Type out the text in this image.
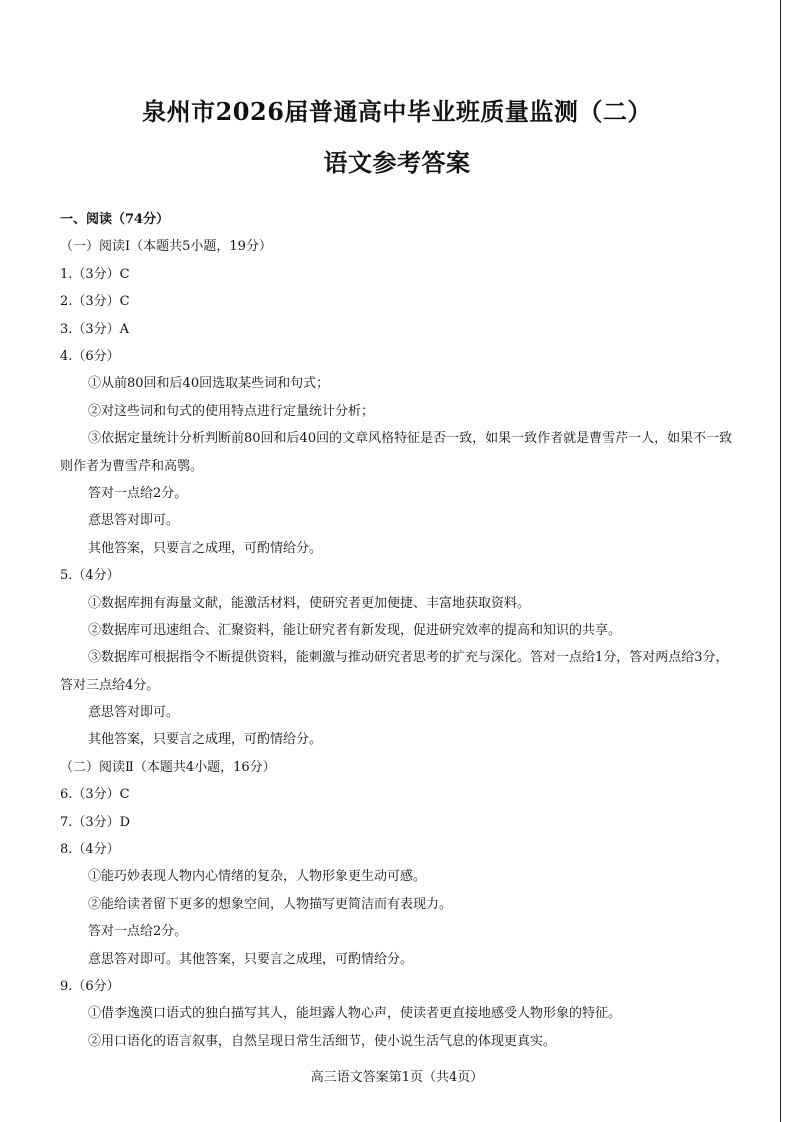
泉州市2026届普通高中毕业班质量监测（二）
语文参考答案
一、阅读（74分）
（一）阅读Ⅰ（本题共5小题，19分）
1.（3分）C
2.（3分）C
3.（3分）A
4.（6分）
①从前80回和后40回选取某些词和句式；
②对这些词和句式的使用特点进行定量统计分析；
③依据定量统计分析判断前80回和后40回的文章风格特征是否一致，如果一致作者就是曹雪芹一人，如果不一致则作者为曹雪芹和高鹗。
答对一点给2分。
意思答对即可。
其他答案，只要言之成理，可酌情给分。
5.（4分）
①数据库拥有海量文献，能激活材料，使研究者更加便捷、丰富地获取资料。
②数据库可迅速组合、汇聚资料，能让研究者有新发现，促进研究效率的提高和知识的共享。
③数据库可根据指令不断提供资料，能刺激与推动研究者思考的扩充与深化。答对一点给1分，答对两点给3分，答对三点给4分。
意思答对即可。
其他答案，只要言之成理，可酌情给分。
（二）阅读Ⅱ（本题共4小题，16分）
6.（3分）C
7.（3分）D
8.（4分）
①能巧妙表现人物内心情绪的复杂，人物形象更生动可感。
②能给读者留下更多的想象空间，人物描写更简洁而有表现力。
答对一点给2分。
意思答对即可。其他答案，只要言之成理，可酌情给分。
9.（6分）
①借李逸漠口语式的独白描写其人，能坦露人物心声，使读者更直接地感受人物形象的特征。
②用口语化的语言叙事，自然呈现日常生活细节，使小说生活气息的体现更真实。
高三语文答案第1页（共4页）
